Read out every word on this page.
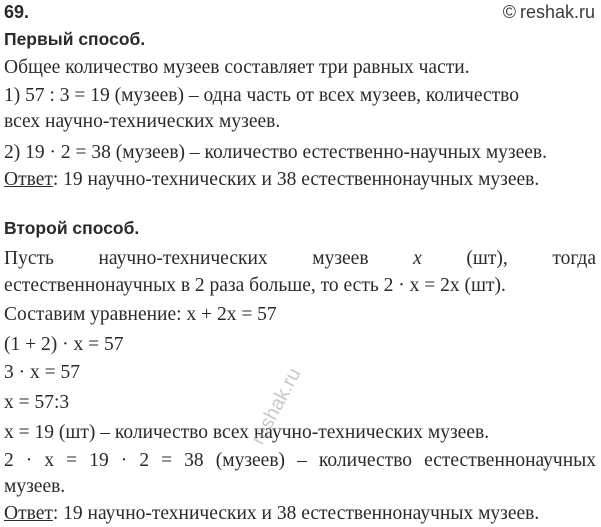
69.	© reshak.ru
Первый способ.
Общее количество музеев составляет три равных части.
1) 57 : 3 = 19 (музеев) – одна часть от всех музеев, количество
всех научно-технических музеев.
2) 19 · 2 = 38 (музеев) – количество естественно-научных музеев.
Ответ: 19 научно-технических и 38 естественнонаучных музеев.
Второй способ.
Пусть научно-технических музеев x (шт), тогда
естественнонаучных в 2 раза больше, то есть 2 · x = 2x (шт).
Составим уравнение: x + 2x = 57
(1 + 2) · x = 57
3 · x = 57
x = 57:3
x = 19 (шт) – количество всех научно-технических музеев.
2 · x = 19 · 2 = 38 (музеев) – количество естественнонаучных
музеев.
Ответ: 19 научно-технических и 38 естественнонаучных музеев.
reshak.ru
